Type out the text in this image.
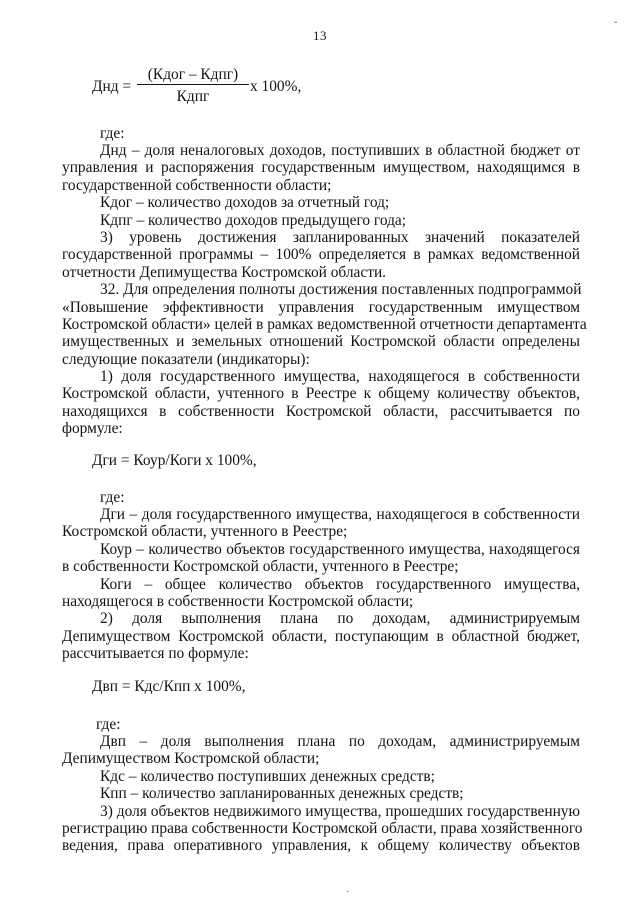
13
ˇ
Днд =
(Кдог – Кдпг)
Кдпг
х 100%,
где:
Днд – доля неналоговых доходов, поступивших в областной бюджет от
управления и распоряжения государственным имуществом, находящимся в
государственной собственности области;
Кдог – количество доходов за отчетный год;
Кдпг – количество доходов предыдущего года;
3) уровень достижения запланированных значений показателей
государственной программы – 100% определяется в рамках ведомственной
отчетности Депимущества Костромской области.
32. Для определения полноты достижения поставленных подпрограммой
«Повышение эффективности управления государственным имуществом
Костромской области» целей в рамках ведомственной отчетности департамента
имущественных и земельных отношений Костромской области определены
следующие показатели (индикаторы):
1) доля государственного имущества, находящегося в собственности
Костромской области, учтенного в Реестре к общему количеству объектов,
находящихся в собственности Костромской области, рассчитывается по
формуле:
Дги = Коур/Коги х 100%,
где:
Дги – доля государственного имущества, находящегося в собственности
Костромской области, учтенного в Реестре;
Коур – количество объектов государственного имущества, находящегося
в собственности Костромской области, учтенного в Реестре;
Коги – общее количество объектов государственного имущества,
находящегося в собственности Костромской области;
2) доля выполнения плана по доходам, администрируемым
Депимуществом Костромской области, поступающим в областной бюджет,
рассчитывается по формуле:
Двп = Кдс/Кпп х 100%,
где:
Двп – доля выполнения плана по доходам, администрируемым
Депимуществом Костромской области;
Кдс – количество поступивших денежных средств;
Кпп – количество запланированных денежных средств;
3) доля объектов недвижимого имущества, прошедших государственную
регистрацию права собственности Костромской области, права хозяйственного
ведения, права оперативного управления, к общему количеству объектов
·
